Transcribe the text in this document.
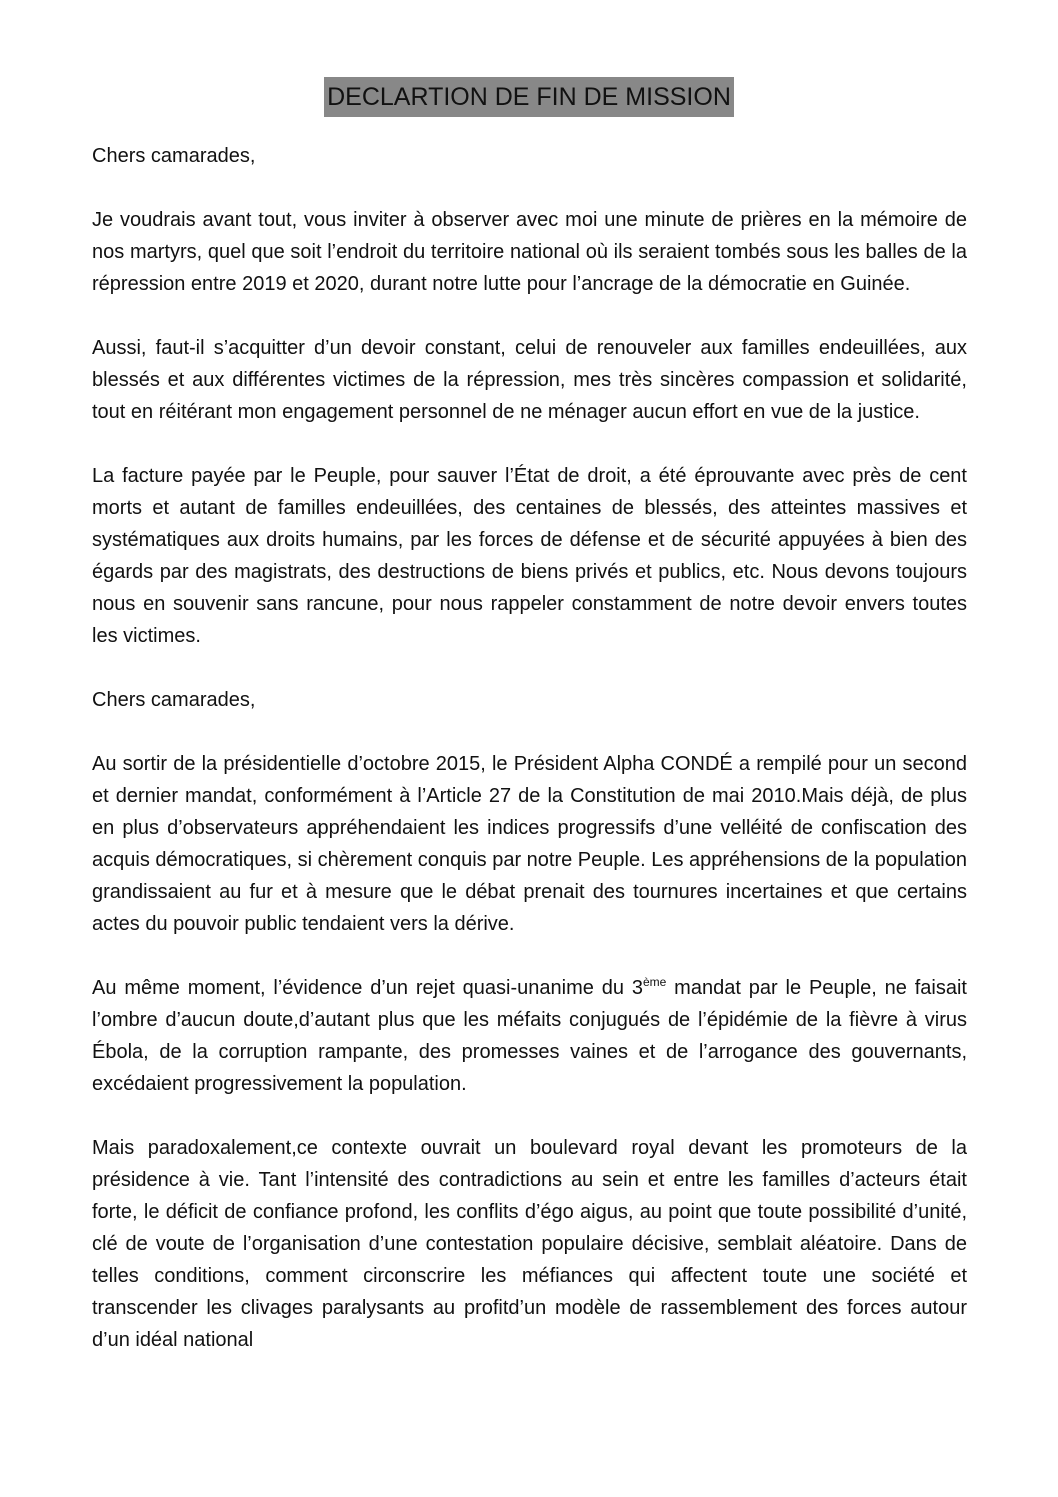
DECLARTION DE FIN DE MISSION

Chers camarades,

Je voudrais avant tout, vous inviter à observer avec moi une minute de prières en la mémoire de nos martyrs, quel que soit l’endroit du territoire national où ils seraient tombés sous les balles de la répression entre 2019 et 2020, durant notre lutte pour l’ancrage de la démocratie en Guinée.

Aussi, faut-il s’acquitter d’un devoir constant, celui de renouveler aux familles endeuillées, aux blessés et aux différentes victimes de la répression, mes très sincères compassion et solidarité, tout en réitérant mon engagement personnel de ne ménager aucun effort en vue de la justice.

La facture payée par le Peuple, pour sauver l’État de droit, a été éprouvante avec près de cent morts et autant de familles endeuillées, des centaines de blessés, des atteintes massives et systématiques aux droits humains, par les forces de défense et de sécurité appuyées à bien des égards par des magistrats, des destructions de biens privés et publics, etc. Nous devons toujours nous en souvenir sans rancune, pour nous rappeler constamment de notre devoir envers toutes les victimes.

Chers camarades,

Au sortir de la présidentielle d’octobre 2015, le Président Alpha CONDÉ a rempilé pour un second et dernier mandat, conformément à l’Article 27 de la Constitution de mai 2010.Mais déjà, de plus en plus d’observateurs appréhendaient les indices progressifs d’une velléité de confiscation des acquis démocratiques, si chèrement conquis par notre Peuple. Les appréhensions de la population grandissaient au fur et à mesure que le débat prenait des tournures incertaines et que certains actes du pouvoir public tendaient vers la dérive.

Au même moment, l’évidence d’un rejet quasi-unanime du 3ème mandat par le Peuple, ne faisait l’ombre d’aucun doute,d’autant plus que les méfaits conjugués de l’épidémie de la fièvre à virus Ébola, de la corruption rampante, des promesses vaines et de l’arrogance des gouvernants, excédaient progressivement la population.

Mais paradoxalement,ce contexte ouvrait un boulevard royal devant les promoteurs de la présidence à vie. Tant l’intensité des contradictions au sein et entre les familles d’acteurs était forte, le déficit de confiance profond, les conflits d’égo aigus, au point que toute possibilité d’unité, clé de voute de l’organisation d’une contestation populaire décisive, semblait aléatoire. Dans de telles conditions, comment circonscrire les méfiances qui affectent toute une société et transcender les clivages paralysants au profitd’un modèle de rassemblement des forces autour d’un idéal national
